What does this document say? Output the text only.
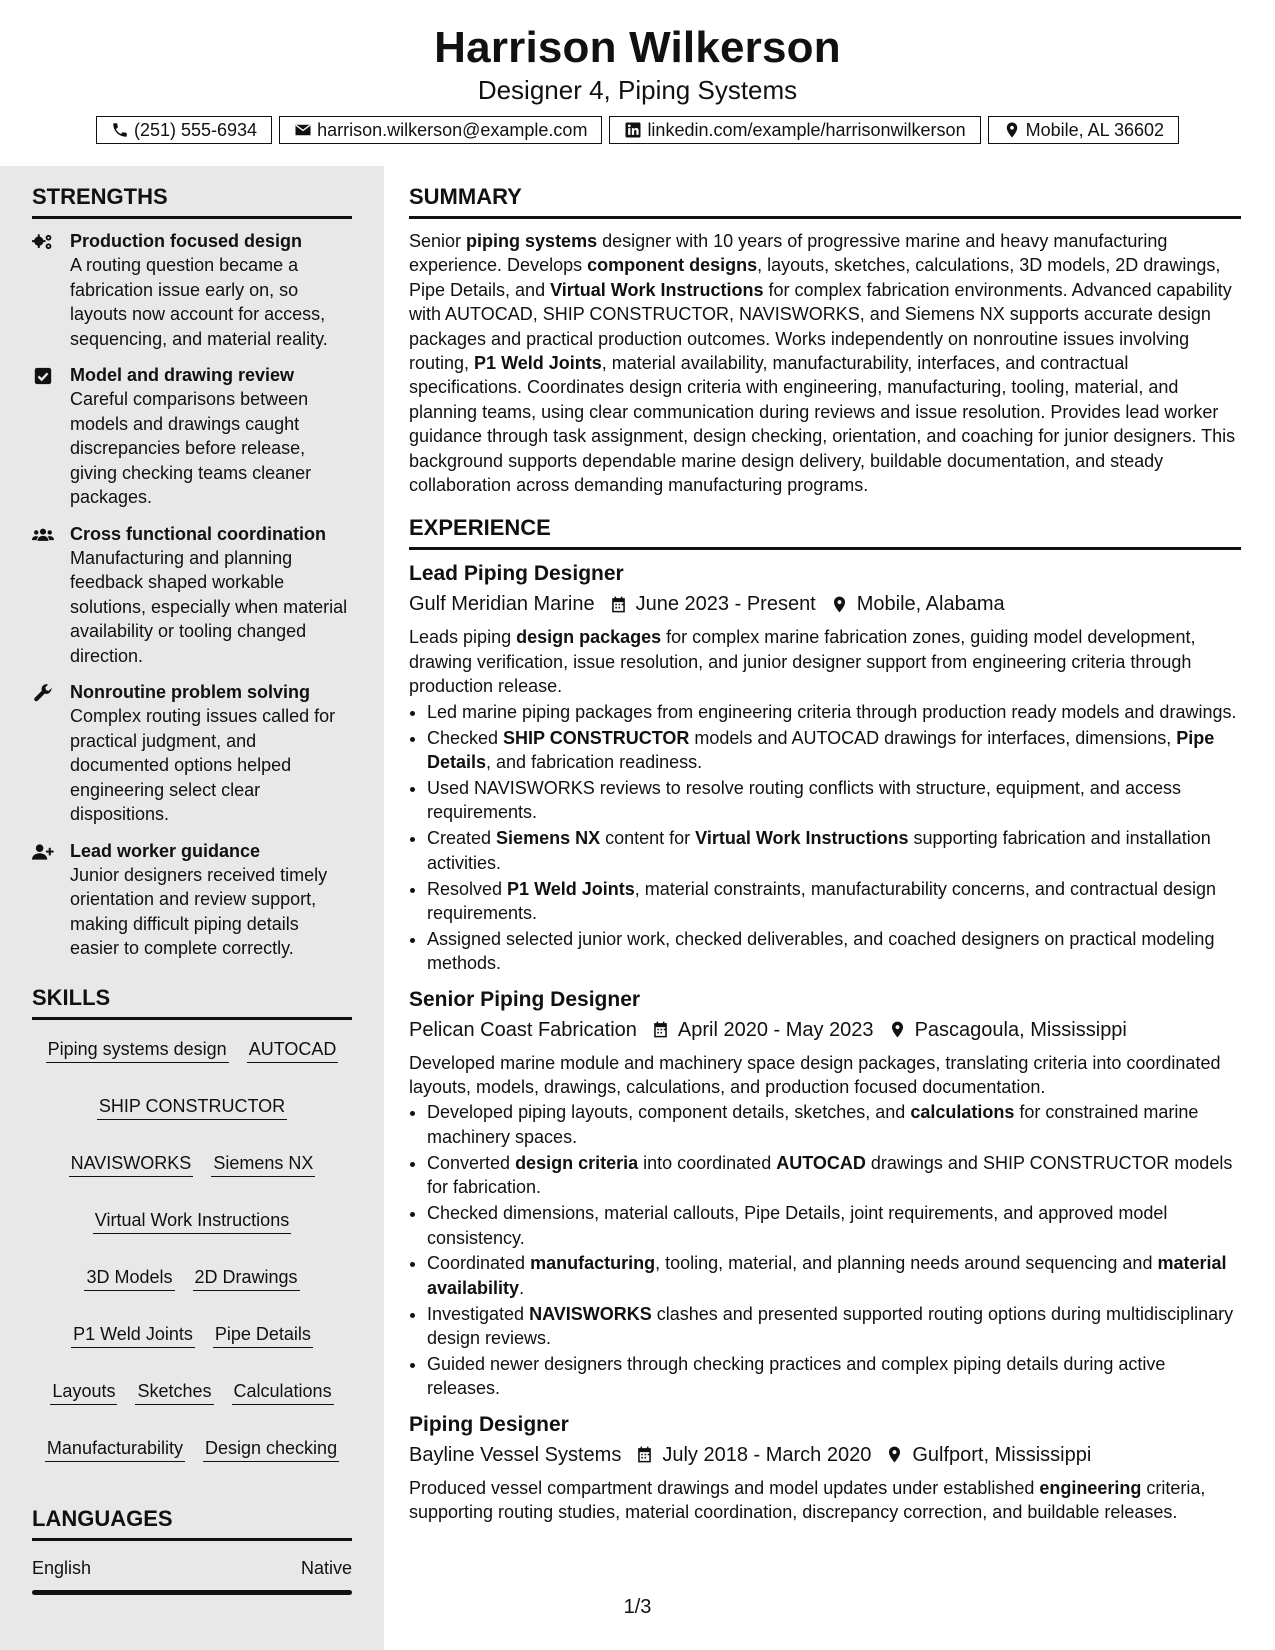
Harrison Wilkerson
Designer 4, Piping Systems
(251) 555-6934	harrison.wilkerson@example.com	linkedin.com/example/harrisonwilkerson	Mobile, AL 36602
STRENGTHS
Production focused design
A routing question became a fabrication issue early on, so layouts now account for access, sequencing, and material reality.
Model and drawing review
Careful comparisons between models and drawings caught discrepancies before release, giving checking teams cleaner packages.
Cross functional coordination
Manufacturing and planning feedback shaped workable solutions, especially when material availability or tooling changed direction.
Nonroutine problem solving
Complex routing issues called for practical judgment, and documented options helped engineering select clear dispositions.
Lead worker guidance
Junior designers received timely orientation and review support, making difficult piping details easier to complete correctly.
SKILLS
Piping systems design AUTOCAD
SHIP CONSTRUCTOR
NAVISWORKS Siemens NX
Virtual Work Instructions
3D Models 2D Drawings
P1 Weld Joints Pipe Details
Layouts Sketches Calculations
Manufacturability Design checking
LANGUAGES
English	Native
SUMMARY

Senior piping systems designer with 10 years of progressive marine and heavy manufacturing experience. Develops component designs, layouts, sketches, calculations, 3D models, 2D drawings, Pipe Details, and Virtual Work Instructions for complex fabrication environments. Advanced capability with AUTOCAD, SHIP CONSTRUCTOR, NAVISWORKS, and Siemens NX supports accurate design packages and practical production outcomes. Works independently on nonroutine issues involving routing, P1 Weld Joints, material availability, manufacturability, interfaces, and contractual specifications. Coordinates design criteria with engineering, manufacturing, tooling, material, and planning teams, using clear communication during reviews and issue resolution. Provides lead worker guidance through task assignment, design checking, orientation, and coaching for junior designers. This background supports dependable marine design delivery, buildable documentation, and steady collaboration across demanding manufacturing programs.

EXPERIENCE
Lead Piping Designer
Gulf Meridian Marine June 2023 - Present Mobile, Alabama
Leads piping design packages for complex marine fabrication zones, guiding model development, drawing verification, issue resolution, and junior designer support from engineering criteria through production release.
• Led marine piping packages from engineering criteria through production ready models and drawings.
• Checked SHIP CONSTRUCTOR models and AUTOCAD drawings for interfaces, dimensions, Pipe Details, and fabrication readiness.
• Used NAVISWORKS reviews to resolve routing conflicts with structure, equipment, and access requirements.
• Created Siemens NX content for Virtual Work Instructions supporting fabrication and installation activities.
• Resolved P1 Weld Joints, material constraints, manufacturability concerns, and contractual design requirements.
• Assigned selected junior work, checked deliverables, and coached designers on practical modeling methods.
Senior Piping Designer
Pelican Coast Fabrication April 2020 - May 2023 Pascagoula, Mississippi
Developed marine module and machinery space design packages, translating criteria into coordinated layouts, models, drawings, calculations, and production focused documentation.
• Developed piping layouts, component details, sketches, and calculations for constrained marine machinery spaces.
• Converted design criteria into coordinated AUTOCAD drawings and SHIP CONSTRUCTOR models for fabrication.
• Checked dimensions, material callouts, Pipe Details, joint requirements, and approved model consistency.
• Coordinated manufacturing, tooling, material, and planning needs around sequencing and material availability.
• Investigated NAVISWORKS clashes and presented supported routing options during multidisciplinary design reviews.
• Guided newer designers through checking practices and complex piping details during active releases.
Piping Designer
Bayline Vessel Systems July 2018 - March 2020 Gulfport, Mississippi
Produced vessel compartment drawings and model updates under established engineering criteria, supporting routing studies, material coordination, discrepancy correction, and buildable releases.
1/3
